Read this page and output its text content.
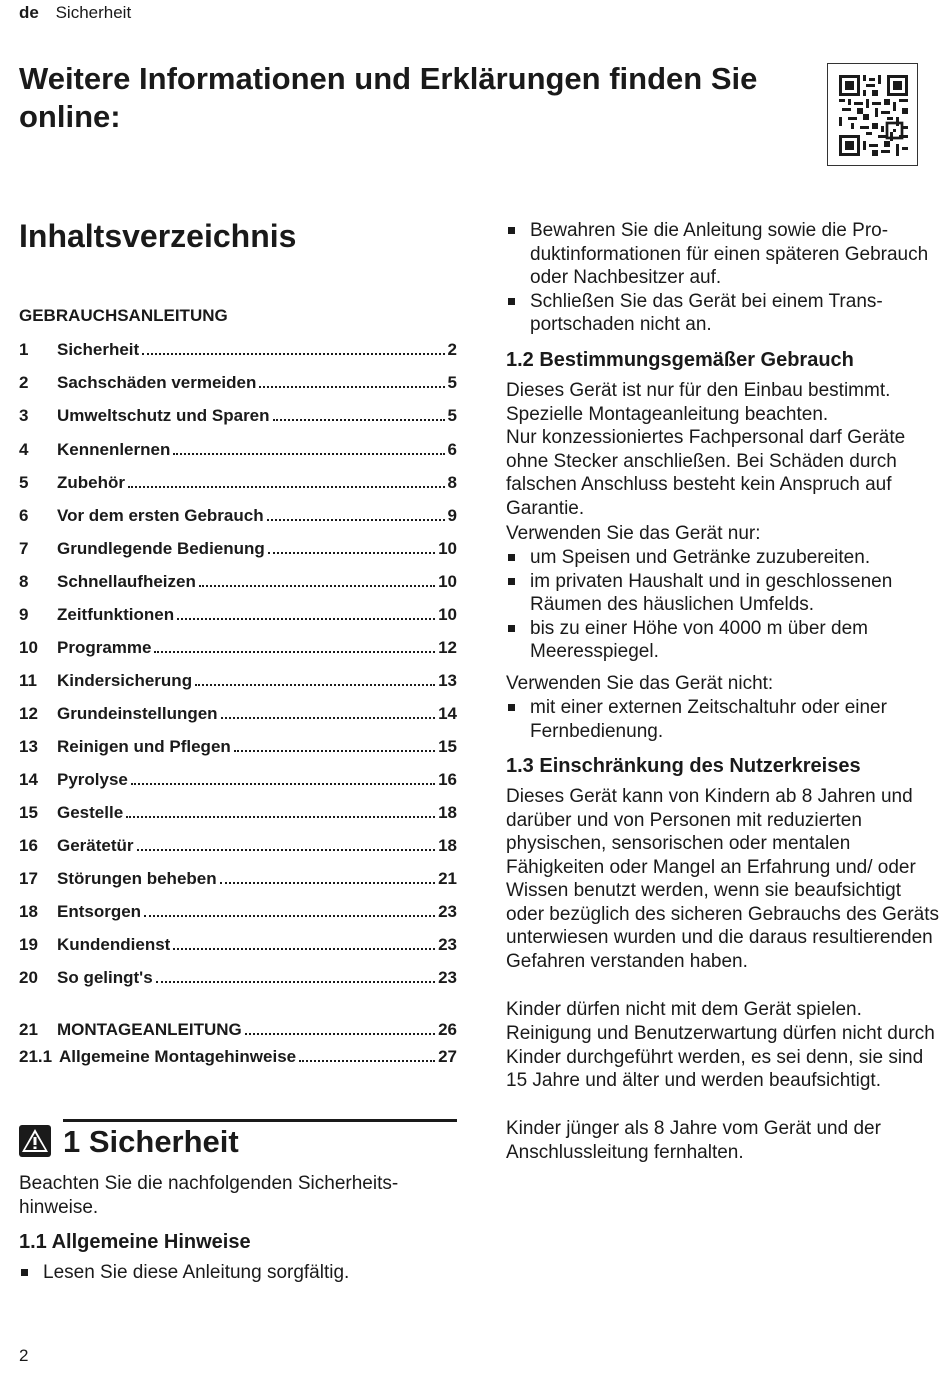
de Sicherheit
Weitere Informationen und Erklärungen finden Sie online:
Inhaltsverzeichnis
GEBRAUCHSANLEITUNG
1	Sicherheit	2
2	Sachschäden vermeiden	5
3	Umweltschutz und Sparen	5
4	Kennenlernen	6
5	Zubehör	8
6	Vor dem ersten Gebrauch	9
7	Grundlegende Bedienung	10
8	Schnellaufheizen	10
9	Zeitfunktionen	10
10	Programme	12
11	Kindersicherung	13
12	Grundeinstellungen	14
13	Reinigen und Pflegen	15
14	Pyrolyse	16
15	Gestelle	18
16	Gerätetür	18
17	Störungen beheben	21
18	Entsorgen	23
19	Kundendienst	23
20	So gelingt's	23
21	MONTAGEANLEITUNG	26
21.1 Allgemeine Montagehinweise	27
1 Sicherheit
Beachten Sie die nachfolgenden Sicherheitshinweise.
1.1 Allgemeine Hinweise
Lesen Sie diese Anleitung sorgfältig.
Bewahren Sie die Anleitung sowie die Produktinformationen für einen späteren Gebrauch oder Nachbesitzer auf.
Schließen Sie das Gerät bei einem Transportschaden nicht an.
1.2 Bestimmungsgemäßer Gebrauch
Dieses Gerät ist nur für den Einbau bestimmt. Spezielle Montageanleitung beachten.
Nur konzessioniertes Fachpersonal darf Geräte ohne Stecker anschließen. Bei Schäden durch falschen Anschluss besteht kein Anspruch auf Garantie.
Verwenden Sie das Gerät nur:
um Speisen und Getränke zuzubereiten.
im privaten Haushalt und in geschlossenen Räumen des häuslichen Umfelds.
bis zu einer Höhe von 4000 m über dem Meeresspiegel.
Verwenden Sie das Gerät nicht:
mit einer externen Zeitschaltuhr oder einer Fernbedienung.
1.3 Einschränkung des Nutzerkreises
Dieses Gerät kann von Kindern ab 8 Jahren und darüber und von Personen mit reduzierten physischen, sensorischen oder mentalen Fähigkeiten oder Mangel an Erfahrung und/ oder Wissen benutzt werden, wenn sie beaufsichtigt oder bezüglich des sicheren Gebrauchs des Geräts unterwiesen wurden und die daraus resultierenden Gefahren verstanden haben.
Kinder dürfen nicht mit dem Gerät spielen.
Reinigung und Benutzerwartung dürfen nicht durch Kinder durchgeführt werden, es sei denn, sie sind 15 Jahre und älter und werden beaufsichtigt.
Kinder jünger als 8 Jahre vom Gerät und der Anschlussleitung fernhalten.
2
